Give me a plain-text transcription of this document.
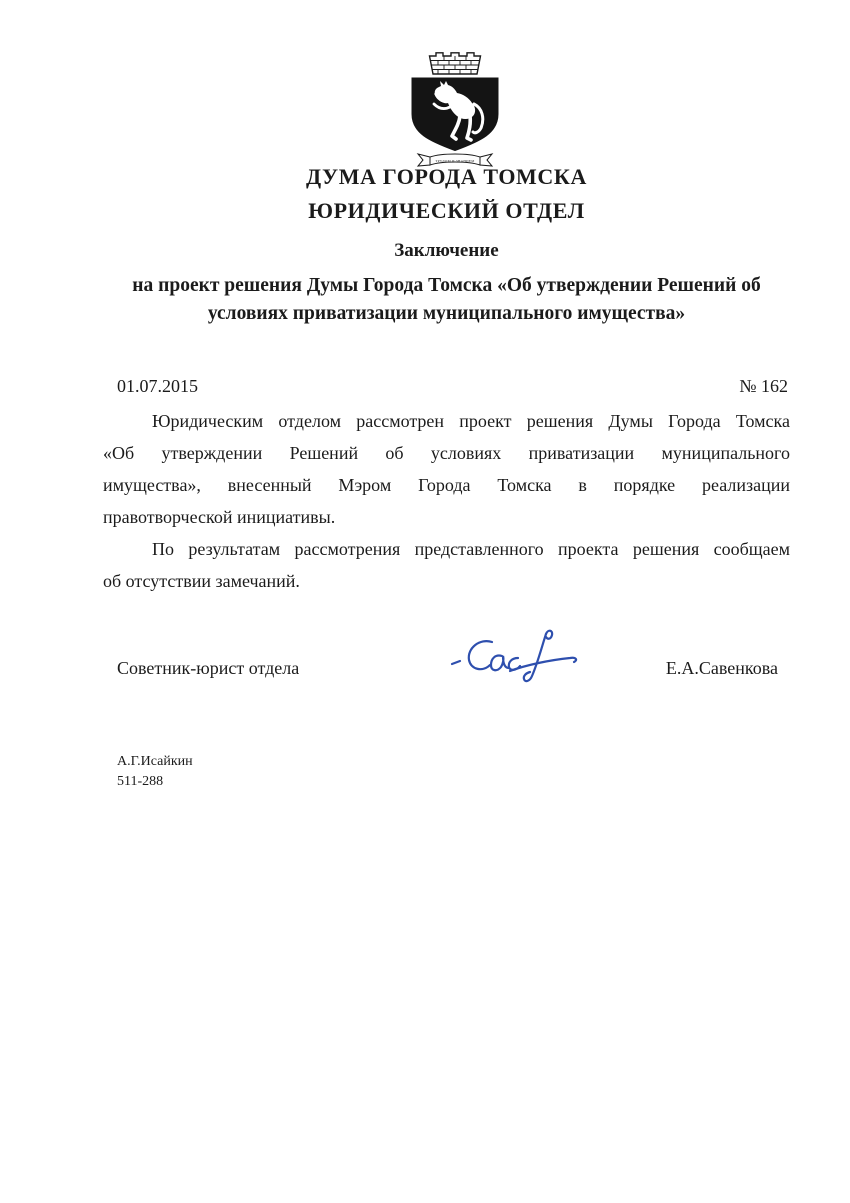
ТРУДОМ И ЗНАНИЕМ
ДУМА ГОРОДА ТОМСКА
ЮРИДИЧЕСКИЙ ОТДЕЛ
Заключение
на проект решения Думы Города Томска «Об утверждении Решений об
условиях приватизации муниципального имущества»
01.07.2015	№ 162
Юридическим отделом рассмотрен проект решения Думы Города Томска
«Об утверждении Решений об условиях приватизации муниципального
имущества», внесенный Мэром Города Томска в порядке реализации
правотворческой инициативы.
По результатам рассмотрения представленного проекта решения сообщаем
об отсутствии замечаний.
Советник-юрист отдела	Е.А.Савенкова
А.Г.Исайкин
511-288
